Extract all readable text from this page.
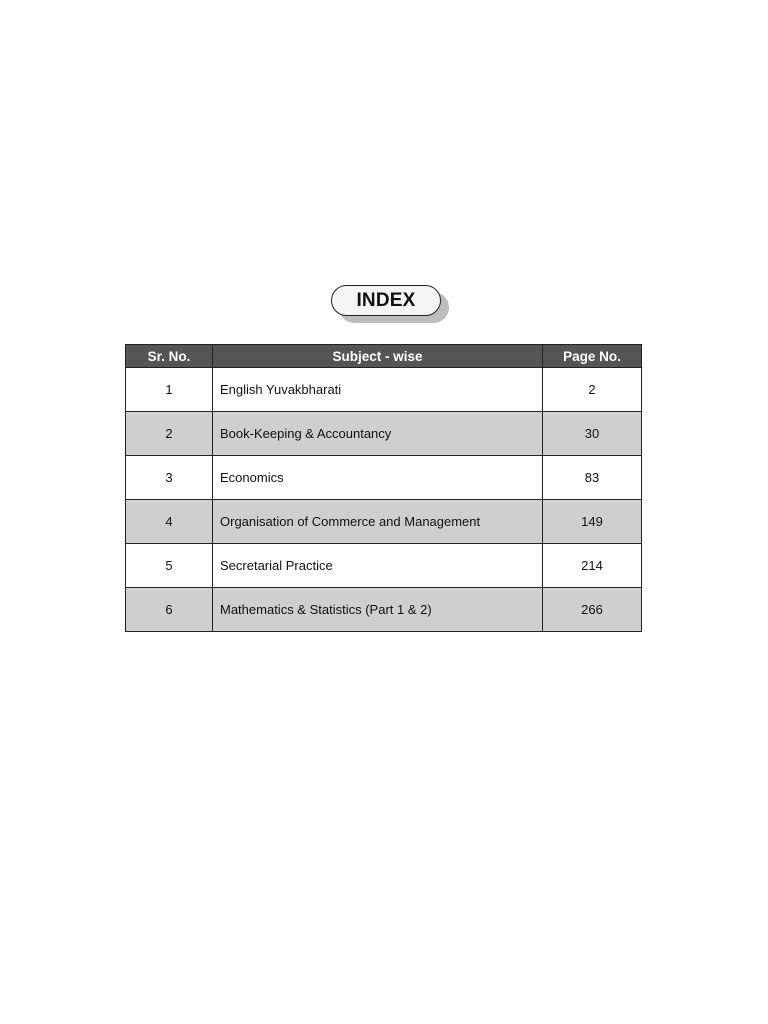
INDEX
Sr. No.	Subject - wise	Page No.
1	English Yuvakbharati	2
2	Book-Keeping & Accountancy	30
3	Economics	83
4	Organisation of Commerce and Management	149
5	Secretarial Practice	214
6	Mathematics & Statistics (Part 1 & 2)	266
